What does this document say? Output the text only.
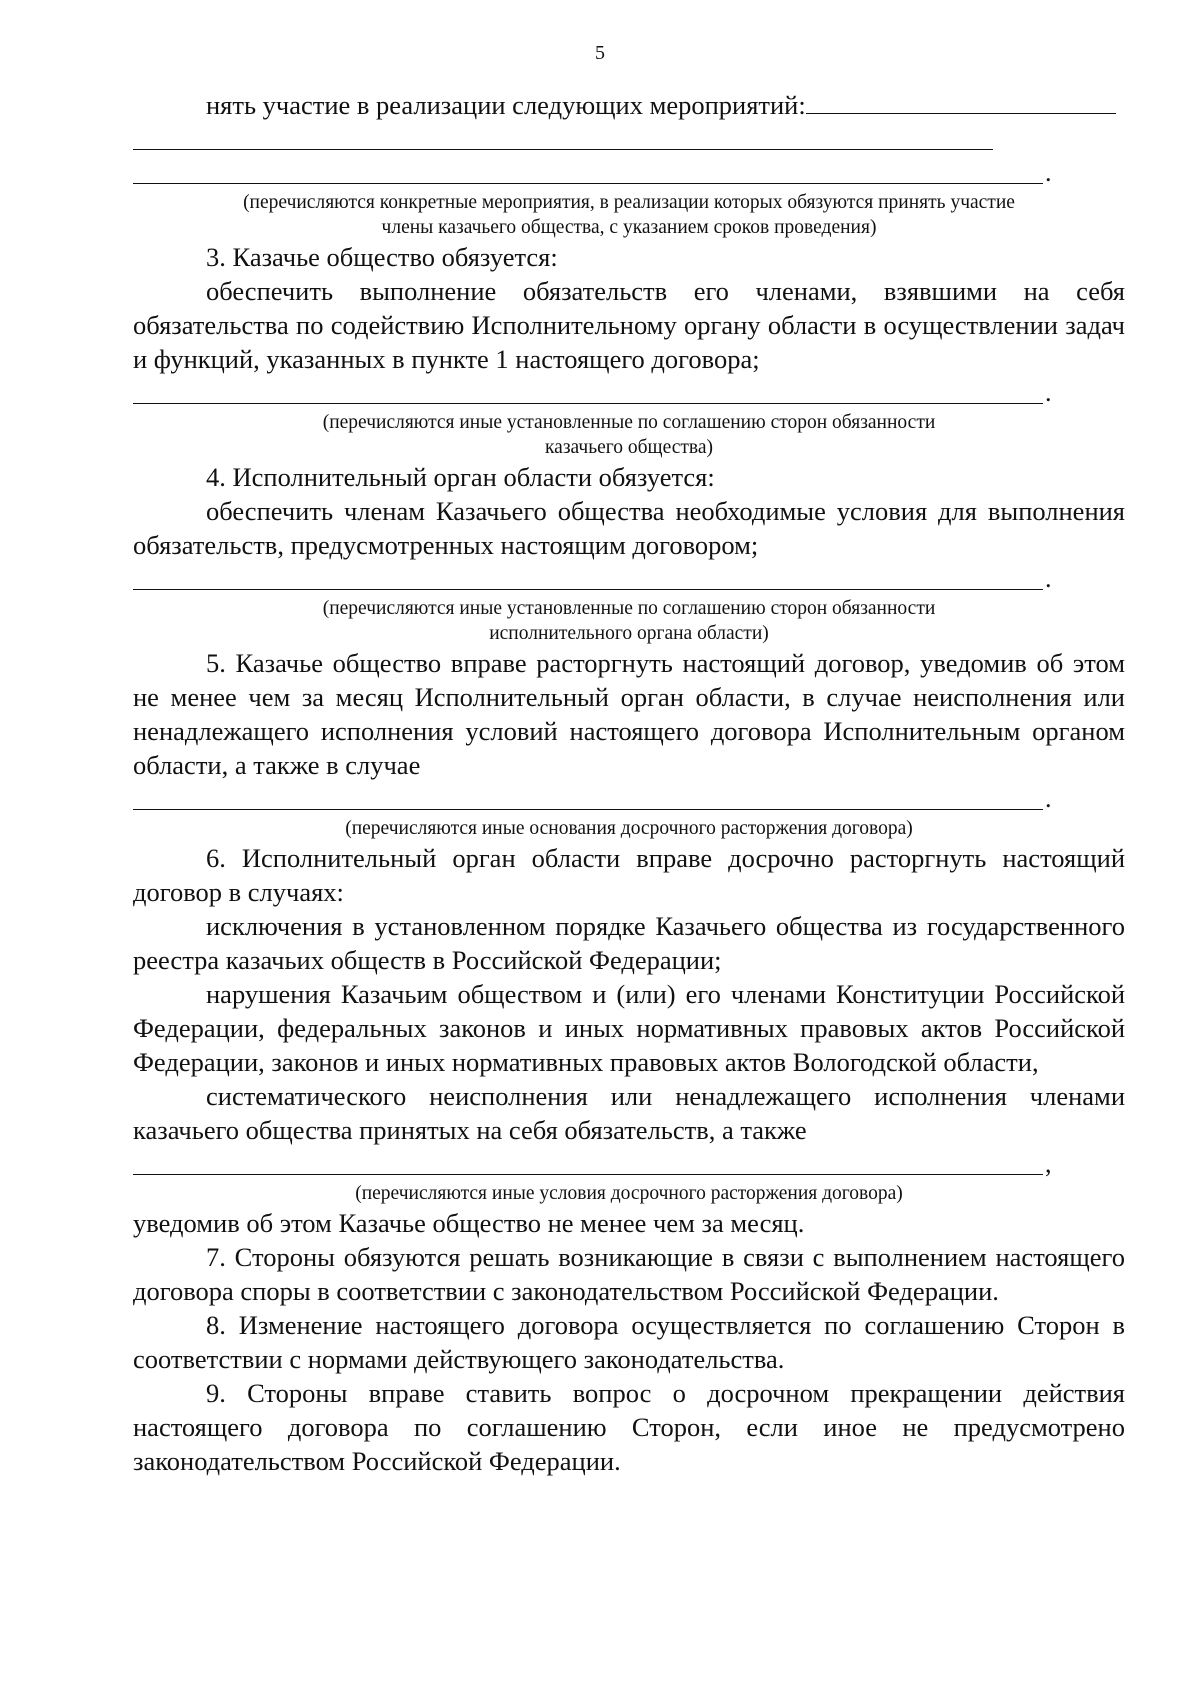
5

нять участие в реализации следующих мероприятий:

.

(перечисляются конкретные мероприятия, в реализации которых обязуются принять участие

члены казачьего общества, с указанием сроков проведения)

3. Казачье общество обязуется:

обеспечить выполнение обязательств его членами, взявшими на себя обязательства по содействию Исполнительному органу области в осуществлении задач и функций, указанных в пункте 1 настоящего договора;

.

(перечисляются иные установленные по соглашению сторон обязанности

казачьего общества)

4. Исполнительный орган области обязуется:

обеспечить членам Казачьего общества необходимые условия для выполнения обязательств, предусмотренных настоящим договором;

.

(перечисляются иные установленные по соглашению сторон обязанности

исполнительного органа области)

5. Казачье общество вправе расторгнуть настоящий договор, уведомив об этом не менее чем за месяц Исполнительный орган области, в случае неисполнения или ненадлежащего исполнения условий настоящего договора Исполнительным органом области, а также в случае

.

(перечисляются иные основания досрочного расторжения договора)

6. Исполнительный орган области вправе досрочно расторгнуть настоящий договор в случаях:

исключения в установленном порядке Казачьего общества из государственного реестра казачьих обществ в Российской Федерации;

нарушения Казачьим обществом и (или) его членами Конституции Российской Федерации, федеральных законов и иных нормативных правовых актов Российской Федерации, законов и иных нормативных правовых актов Вологодской области,

систематического неисполнения или ненадлежащего исполнения членами казачьего общества принятых на себя обязательств, а также

,

(перечисляются иные условия досрочного расторжения договора)

уведомив об этом Казачье общество не менее чем за месяц.

7. Стороны обязуются решать возникающие в связи с выполнением настоящего договора споры в соответствии с законодательством Российской Федерации.

8. Изменение настоящего договора осуществляется по соглашению Сторон в соответствии с нормами действующего законодательства.

9. Стороны вправе ставить вопрос о досрочном прекращении действия настоящего договора по соглашению Сторон, если иное не предусмотрено законодательством Российской Федерации.
